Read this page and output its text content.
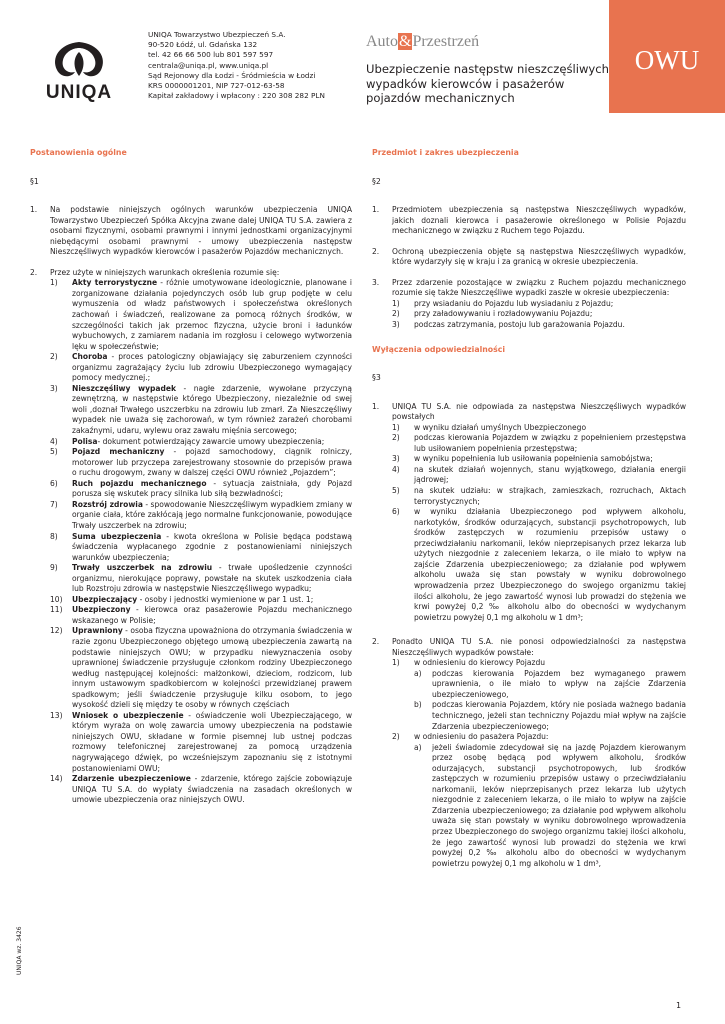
UNIQA
UNIQA Towarzystwo Ubezpieczeń S.A.
90-520 Łódź, ul. Gdańska 132
tel. 42 66 66 500 lub 801 597 597
centrala@uniqa.pl, www.uniqa.pl
Sąd Rejonowy dla Łodzi - Śródmieścia w Łodzi
KRS 0000001201, NIP 727-012-63-58
Kapitał zakładowy i wpłacony : 220 308 282 PLN
Auto&Przestrzeń
Ubezpieczenie następstw nieszczęśliwych wypadków kierowców i pasażerów pojazdów mechanicznych
OWU
Postanowienia ogólne
§1
1.	Na podstawie niniejszych ogólnych warunków ubezpieczenia UNIQA Towarzystwo Ubezpieczeń Spółka Akcyjna zwane dalej UNIQA TU S.A. zawiera z osobami fizycznymi, osobami prawnymi i innymi jednostkami organizacyjnymi niebędącymi osobami prawnymi - umowy ubezpieczenia następstw Nieszczęśliwych wypadków kierowców i pasażerów Pojazdów mechanicznych.
2.	Przez użyte w niniejszych warunkach określenia rozumie się:
1)	Akty terrorystyczne - różnie umotywowane ideologicznie, planowane i zorganizowane działania pojedynczych osób lub grup podjęte w celu wymuszenia od władz państwowych i społeczeństwa określonych zachowań i świadczeń, realizowane za pomocą różnych środków, w szczególności takich jak przemoc fizyczna, użycie broni i ładunków wybuchowych, z zamiarem nadania im rozgłosu i celowego wytworzenia lęku w społeczeństwie;
2)	Choroba - proces patologiczny objawiający się zaburzeniem czynności organizmu zagrażający życiu lub zdrowiu Ubezpieczonego wymagający pomocy medycznej.;
3)	Nieszczęśliwy wypadek - nagłe zdarzenie, wywołane przyczyną zewnętrzną, w następstwie którego Ubezpieczony, niezależnie od swej woli ,doznał Trwałego uszczerbku na zdrowiu lub zmarł. Za Nieszczęśliwy wypadek nie uważa się zachorowań, w tym również zarażeń chorobami zakaźnymi, udaru, wylewu oraz zawału mięśnia sercowego;
4)	Polisa- dokument potwierdzający zawarcie umowy ubezpieczenia;
5)	Pojazd mechaniczny - pojazd samochodowy, ciągnik rolniczy, motorower lub przyczepa zarejestrowany stosownie do przepisów prawa o ruchu drogowym, zwany w dalszej części OWU również „Pojazdem”;
6)	Ruch pojazdu mechanicznego - sytuacja zaistniała, gdy Pojazd porusza się wskutek pracy silnika lub siłą bezwładności;
7)	Rozstrój zdrowia - spowodowanie Nieszczęśliwym wypadkiem zmiany w organie ciała, które zakłócają jego normalne funkcjonowanie, powodujące Trwały uszczerbek na zdrowiu;
8)	Suma ubezpieczenia - kwota określona w Polisie będąca podstawą świadczenia wypłacanego zgodnie z postanowieniami niniejszych warunków ubezpieczenia;
9)	Trwały uszczerbek na zdrowiu - trwałe upośledzenie czynności organizmu, nierokujące poprawy, powstałe na skutek uszkodzenia ciała lub Rozstroju zdrowia w następstwie Nieszczęśliwego wypadku;
10)	Ubezpieczający - osoby i jednostki wymienione w par 1 ust. 1;
11)	Ubezpieczony - kierowca oraz pasażerowie Pojazdu mechanicznego wskazanego w Polisie;
12)	Uprawniony - osoba fizyczna upoważniona do otrzymania świadczenia w razie zgonu Ubezpieczonego objętego umową ubezpieczenia zawartą na podstawie niniejszych OWU; w przypadku niewyznaczenia osoby uprawnionej świadczenie przysługuje członkom rodziny Ubezpieczonego według następującej kolejności: małżonkowi, dzieciom, rodzicom, lub innym ustawowym spadkobiercom w kolejności przewidzianej prawem spadkowym; jeśli świadczenie przysługuje kilku osobom, to jego wysokość dzieli się między te osoby w równych częściach
13)	Wniosek o ubezpieczenie - oświadczenie woli Ubezpieczającego, w którym wyraża on wolę zawarcia umowy ubezpieczenia na podstawie niniejszych OWU, składane w formie pisemnej lub ustnej podczas rozmowy telefonicznej zarejestrowanej za pomocą urządzenia nagrywającego dźwięk, po wcześniejszym zapoznaniu się z istotnymi postanowieniami OWU;
14)	Zdarzenie ubezpieczeniowe - zdarzenie, którego zajście zobowiązuje UNIQA TU S.A. do wypłaty świadczenia na zasadach określonych w umowie ubezpieczenia oraz niniejszych OWU.
Przedmiot i zakres ubezpieczenia
§2
1.	Przedmiotem ubezpieczenia są następstwa Nieszczęśliwych wypadków, jakich doznali kierowca i pasażerowie określonego w Polisie Pojazdu mechanicznego w związku z Ruchem tego Pojazdu.
2.	Ochroną ubezpieczenia objęte są następstwa Nieszczęśliwych wypadków, które wydarzyły się w kraju i za granicą w okresie ubezpieczenia.
3.	Przez zdarzenie pozostające w związku z Ruchem pojazdu mechanicznego rozumie się także Nieszczęśliwe wypadki zaszłe w okresie ubezpieczenia:
1)	przy wsiadaniu do Pojazdu lub wysiadaniu z Pojazdu;
2)	przy załadowywaniu i rozładowywaniu Pojazdu;
3)	podczas zatrzymania, postoju lub garażowania Pojazdu.
Wyłączenia odpowiedzialności
§3
1.	UNIQA TU S.A. nie odpowiada za następstwa Nieszczęśliwych wypadków powstałych
1)	w wyniku działań umyślnych Ubezpieczonego
2)	podczas kierowania Pojazdem w związku z popełnieniem przestępstwa lub usiłowaniem popełnienia przestępstwa;
3)	w wyniku popełnienia lub usiłowania popełnienia samobójstwa;
4)	na skutek działań wojennych, stanu wyjątkowego, działania energii jądrowej;
5)	na skutek udziału: w strajkach, zamieszkach, rozruchach, Aktach terrorystycznych;
6)	w wyniku działania Ubezpieczonego pod wpływem alkoholu, narkotyków, środków odurzających, substancji psychotropowych, lub środków zastępczych w rozumieniu przepisów ustawy o przeciwdziałaniu narkomanii, leków nieprzepisanych przez lekarza lub użytych niezgodnie z zaleceniem lekarza, o ile miało to wpływ na zajście Zdarzenia ubezpieczeniowego; za działanie pod wpływem alkoholu uważa się stan powstały w wyniku dobrowolnego wprowadzenia przez Ubezpieczonego do swojego organizmu takiej ilości alkoholu, że jego zawartość wynosi lub prowadzi do stężenia we krwi powyżej 0,2 ‰ alkoholu albo do obecności w wydychanym powietrzu powyżej 0,1 mg alkoholu w 1 dm³;
2.	Ponadto UNIQA TU S.A. nie ponosi odpowiedzialności za następstwa Nieszczęśliwych wypadków powstałe:
1)	w odniesieniu do kierowcy Pojazdu
a)	podczas kierowania Pojazdem bez wymaganego prawem uprawnienia, o ile miało to wpływ na zajście Zdarzenia ubezpieczeniowego,
b)	podczas kierowania Pojazdem, który nie posiada ważnego badania technicznego, jeżeli stan techniczny Pojazdu miał wpływ na zajście Zdarzenia ubezpieczeniowego;
2)	w odniesieniu do pasażera Pojazdu:
a)	jeżeli świadomie zdecydował się na jazdę Pojazdem kierowanym przez osobę będącą pod wpływem alkoholu, środków odurzających, substancji psychotropowych, lub środków zastępczych w rozumieniu przepisów ustawy o przeciwdziałaniu narkomanii, leków nieprzepisanych przez lekarza lub użytych niezgodnie z zaleceniem lekarza, o ile miało to wpływ na zajście Zdarzenia ubezpieczeniowego; za działanie pod wpływem alkoholu uważa się stan powstały w wyniku dobrowolnego wprowadzenia przez Ubezpieczonego do swojego organizmu takiej ilości alkoholu, że jego zawartość wynosi lub prowadzi do stężenia we krwi powyżej 0,2 ‰ alkoholu albo do obecności w wydychanym powietrzu powyżej 0,1 mg alkoholu w 1 dm³,
UNIQA wz. 3426
1
